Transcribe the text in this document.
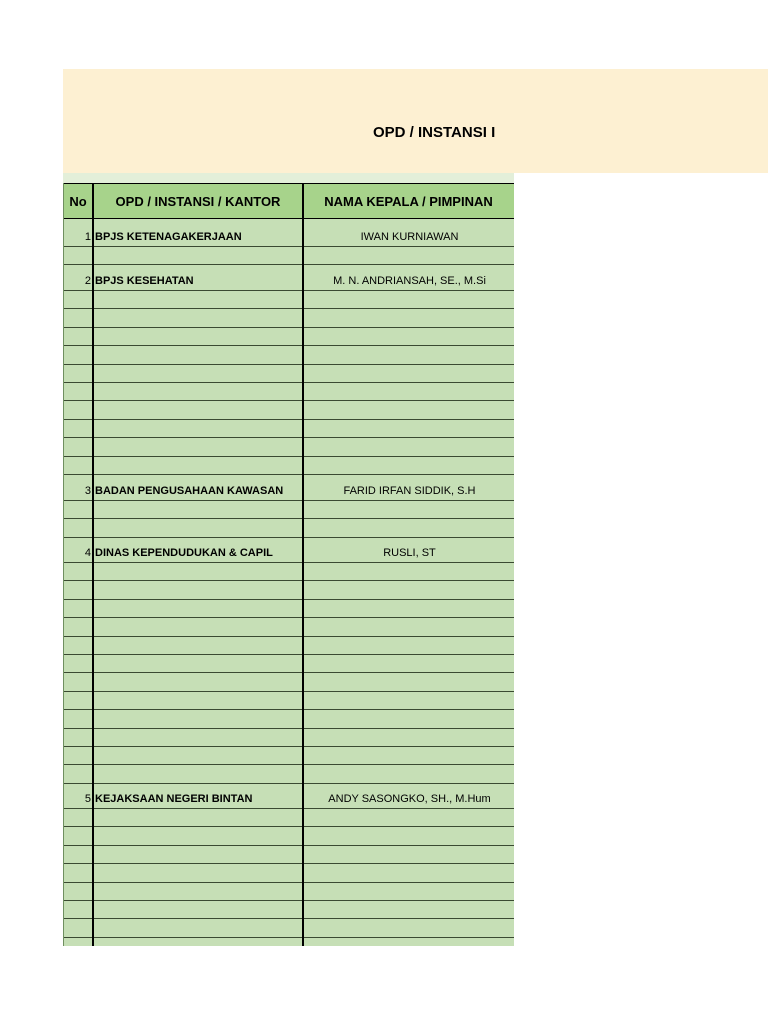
OPD / INSTANSI I
No	OPD / INSTANSI / KANTOR	NAMA KEPALA / PIMPINAN
1 BPJS KETENAGAKERJAAN	IWAN KURNIAWAN
2 BPJS KESEHATAN	M. N. ANDRIANSAH, SE., M.Si
3 BADAN PENGUSAHAAN KAWASAN	FARID IRFAN SIDDIK, S.H
4 DINAS KEPENDUDUKAN & CAPIL	RUSLI, ST
5 KEJAKSAAN NEGERI BINTAN	ANDY SASONGKO, SH., M.Hum
